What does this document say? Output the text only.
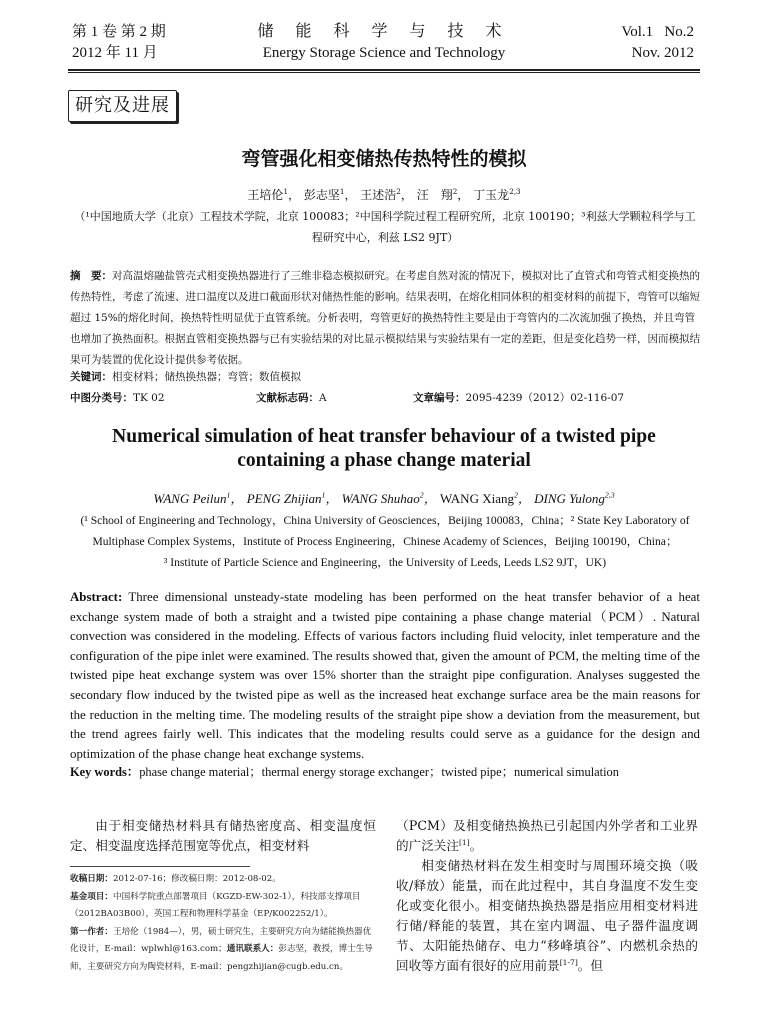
第 1 卷 第 2 期
2012 年 11 月
储 能 科 学 与 技 术
Energy Storage Science and Technology
Vol.1   No.2
Nov. 2012
研究及进展
弯管强化相变储热传热特性的模拟
王培伦$^1$， 彭志坚$^1$， 王述浩$^2$， 汪　翔$^2$， 丁玉龙$^{2,3}$
（¹中国地质大学（北京）工程技术学院，北京 100083；²中国科学院过程工程研究所，北京 100190；³利兹大学颗粒科学与工程研究中心，利兹 LS2 9JT）
摘　要：对高温熔融盐管壳式相变换热器进行了三维非稳态模拟研究。在考虑自然对流的情况下，模拟对比了直管式和弯管式相变换热的传热特性，考虑了流速、进口温度以及进口截面形状对储热性能的影响。结果表明，在熔化相同体积的相变材料的前提下，弯管可以缩短超过 15%的熔化时间，换热特性明显优于直管系统。分析表明，弯管更好的换热特性主要是由于弯管内的二次流加强了换热，并且弯管也增加了换热面积。根据直管相变换热器与已有实验结果的对比显示模拟结果与实验结果有一定的差距，但是变化趋势一样，因而模拟结果可为装置的优化设计提供参考依据。
关键词：相变材料；储热换热器；弯管；数值模拟
中图分类号：TK 02	文献标志码：A	文章编号：2095-4239（2012）02-116-07
Numerical simulation of heat transfer behaviour of a twisted pipe containing a phase change material
WANG Peilun$^1$， PENG Zhijian$^1$， WANG Shuhao$^2$， WANG Xiang$^2$， DING Yulong$^{2,3}$
(¹ School of Engineering and Technology，China University of Geosciences，Beijing 100083，China；² State Key Laboratory of Multiphase Complex Systems，Institute of Process Engineering，Chinese Academy of Sciences，Beijing 100190，China；
³ Institute of Particle Science and Engineering，the University of Leeds, Leeds LS2 9JT，UK)
Abstract: Three dimensional unsteady-state modeling has been performed on the heat transfer behavior of a heat exchange system made of both a straight and a twisted pipe containing a phase change material（PCM）. Natural convection was considered in the modeling. Effects of various factors including fluid velocity, inlet temperature and the configuration of the pipe inlet were examined. The results showed that, given the amount of PCM, the melting time of the twisted pipe heat exchange system was over 15% shorter than the straight pipe configuration. Analyses suggested the secondary flow induced by the twisted pipe as well as the increased heat exchange surface area be the main reasons for the reduction in the melting time. The modeling results of the straight pipe show a deviation from the measurement, but the trend agrees fairly well. This indicates that the modeling results could serve as a guidance for the design and optimization of the phase change heat exchange systems.
Key words：phase change material；thermal energy storage exchanger；twisted pipe；numerical simulation
由于相变储热材料具有储热密度高、相变温度恒定、相变温度选择范围宽等优点，相变材料
收稿日期：2012-07-16；修改稿日期：2012-08-02。
基金项目：中国科学院重点部署项目（KGZD-EW-302-1），科技部支撑项目（2012BA03B00），英国工程和物理科学基金（EP/K002252/1）。
第一作者：王培伦（1984—），男，硕士研究生，主要研究方向为储能换热器优化设计，E-mail：wplwhl@163.com；通讯联系人：彭志坚，教授，博士生导师，主要研究方向为陶瓷材料，E-mail：pengzhijian@cugb.edu.cn。

（PCM）及相变储热换热已引起国内外学者和工业界的广泛关注[1]。

相变储热材料在发生相变时与周围环境交换（吸收/释放）能量，而在此过程中，其自身温度不发生变化或变化很小。相变储热换热器是指应用相变材料进行储/释能的装置，其在室内调温、电子器件温度调节、太阳能热储存、电力“移峰填谷”、内燃机余热的回收等方面有很好的应用前景[1-7]。但
